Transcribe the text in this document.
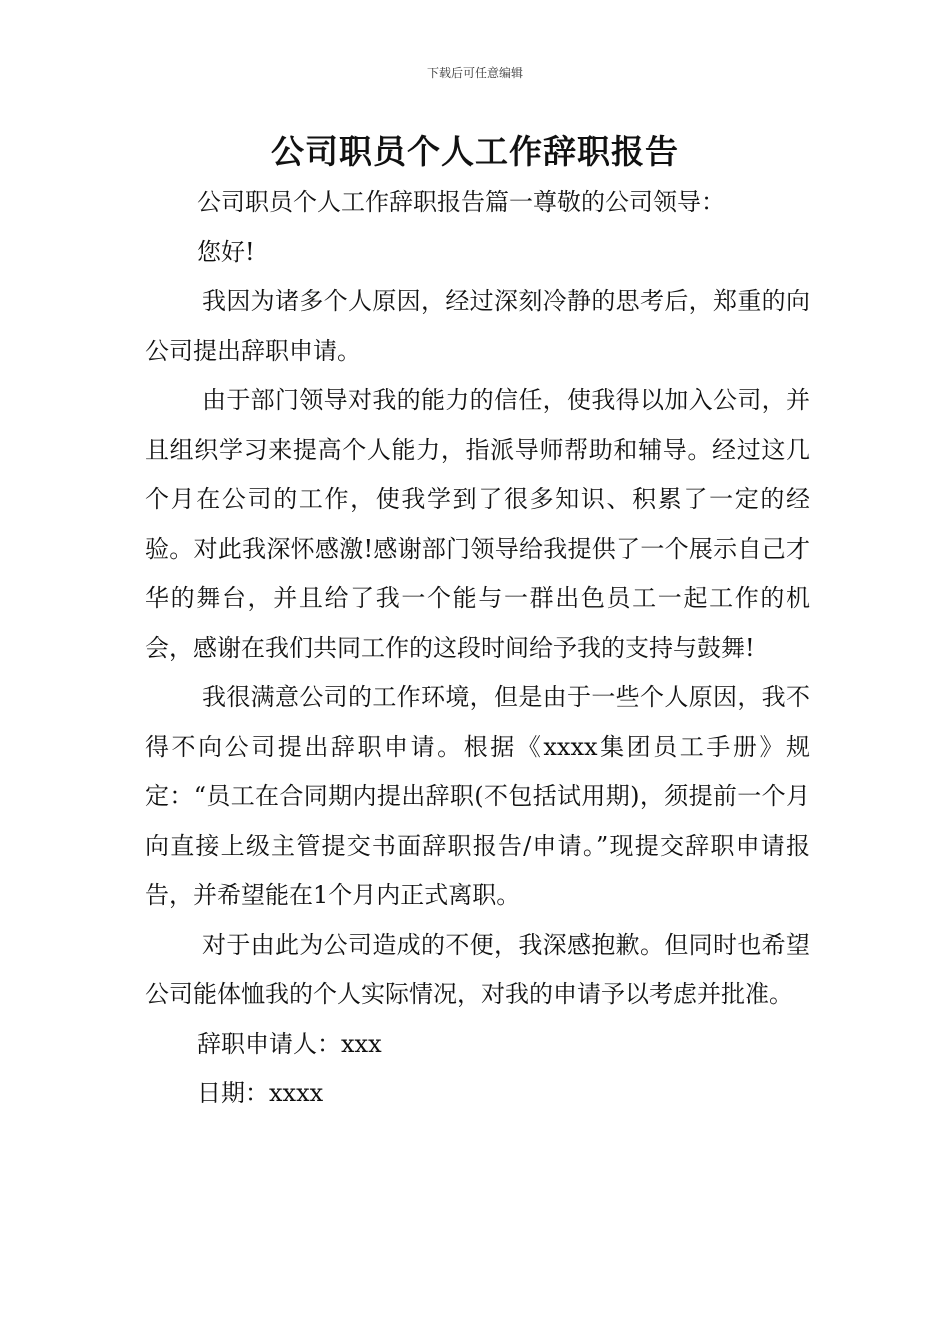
下载后可任意编辑
公司职员个人工作辞职报告

公司职员个人工作辞职报告篇一尊敬的公司领导：

您好!

我因为诸多个人原因，经过深刻冷静的思考后，郑重的向公司提出辞职申请。

由于部门领导对我的能力的信任，使我得以加入公司，并且组织学习来提高个人能力，指派导师帮助和辅导。经过这几个月在公司的工作，使我学到了很多知识、积累了一定的经验。对此我深怀感激!感谢部门领导给我提供了一个展示自己才华的舞台，并且给了我一个能与一群出色员工一起工作的机会，感谢在我们共同工作的这段时间给予我的支持与鼓舞!

我很满意公司的工作环境，但是由于一些个人原因，我不得不向公司提出辞职申请。根据《xxxx集团员工手册》规定：“员工在合同期内提出辞职(不包括试用期)，须提前一个月向直接上级主管提交书面辞职报告/申请。”现提交辞职申请报告，并希望能在1个月内正式离职。

对于由此为公司造成的不便，我深感抱歉。但同时也希望公司能体恤我的个人实际情况，对我的申请予以考虑并批准。

辞职申请人：xxx

日期：xxxx
